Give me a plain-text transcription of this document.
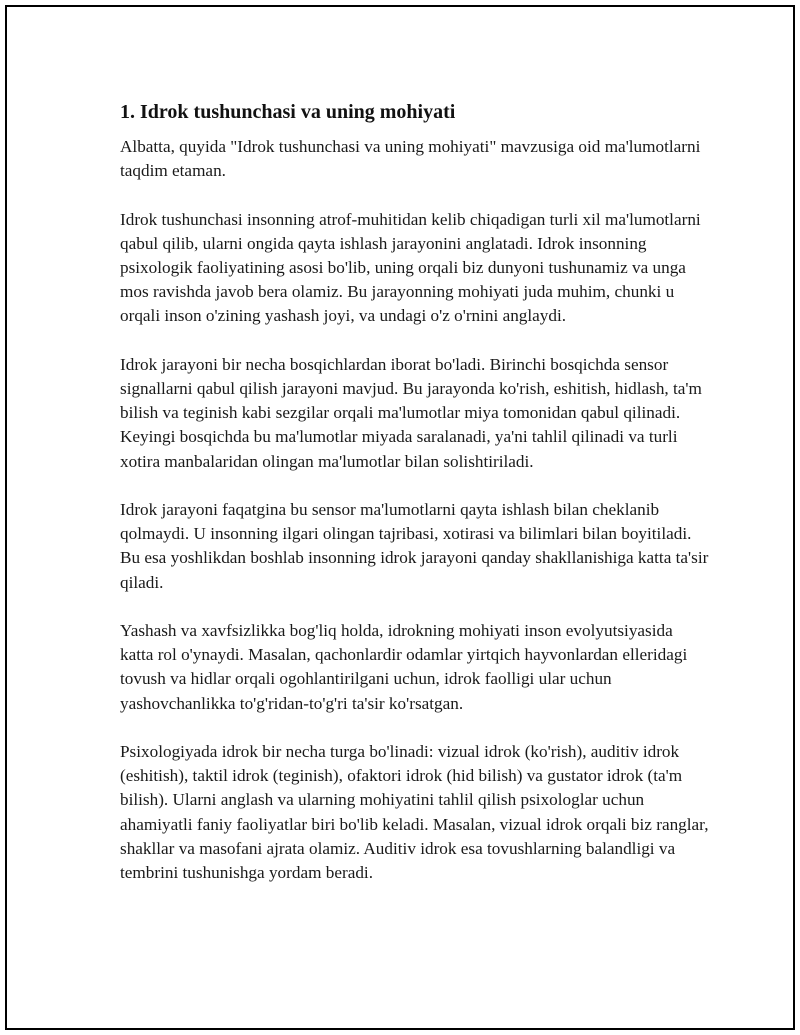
1. Idrok tushunchasi va uning mohiyati
Albatta, quyida "Idrok tushunchasi va uning mohiyati" mavzusiga oid ma'lumotlarni taqdim etaman.
Idrok tushunchasi insonning atrof-muhitidan kelib chiqadigan turli xil ma'lumotlarni qabul qilib, ularni ongida qayta ishlash jarayonini anglatadi. Idrok insonning psixologik faoliyatining asosi bo'lib, uning orqali biz dunyoni tushunamiz va unga mos ravishda javob bera olamiz. Bu jarayonning mohiyati juda muhim, chunki u orqali inson o'zining yashash joyi, va undagi o'z o'rnini anglaydi.
Idrok jarayoni bir necha bosqichlardan iborat bo'ladi. Birinchi bosqichda sensor signallarni qabul qilish jarayoni mavjud. Bu jarayonda ko'rish, eshitish, hidlash, ta'm bilish va teginish kabi sezgilar orqali ma'lumotlar miya tomonidan qabul qilinadi. Keyingi bosqichda bu ma'lumotlar miyada saralanadi, ya'ni tahlil qilinadi va turli xotira manbalaridan olingan ma'lumotlar bilan solishtiriladi.
Idrok jarayoni faqatgina bu sensor ma'lumotlarni qayta ishlash bilan cheklanib qolmaydi. U insonning ilgari olingan tajribasi, xotirasi va bilimlari bilan boyitiladi. Bu esa yoshlikdan boshlab insonning idrok jarayoni qanday shakllanishiga katta ta'sir qiladi.
Yashash va xavfsizlikka bog'liq holda, idrokning mohiyati inson evolyutsiyasida katta rol o'ynaydi. Masalan, qachonlardir odamlar yirtqich hayvonlardan elleridagi tovush va hidlar orqali ogohlantirilgani uchun, idrok faolligi ular uchun yashovchanlikka to'g'ridan-to'g'ri ta'sir ko'rsatgan.
Psixologiyada idrok bir necha turga bo'linadi: vizual idrok (ko'rish), auditiv idrok (eshitish), taktil idrok (teginish), ofaktori idrok (hid bilish) va gustator idrok (ta'm bilish). Ularni anglash va ularning mohiyatini tahlil qilish psixologlar uchun ahamiyatli faniy faoliyatlar biri bo'lib keladi. Masalan, vizual idrok orqali biz ranglar, shakllar va masofani ajrata olamiz. Auditiv idrok esa tovushlarning balandligi va tembrini tushunishga yordam beradi.
